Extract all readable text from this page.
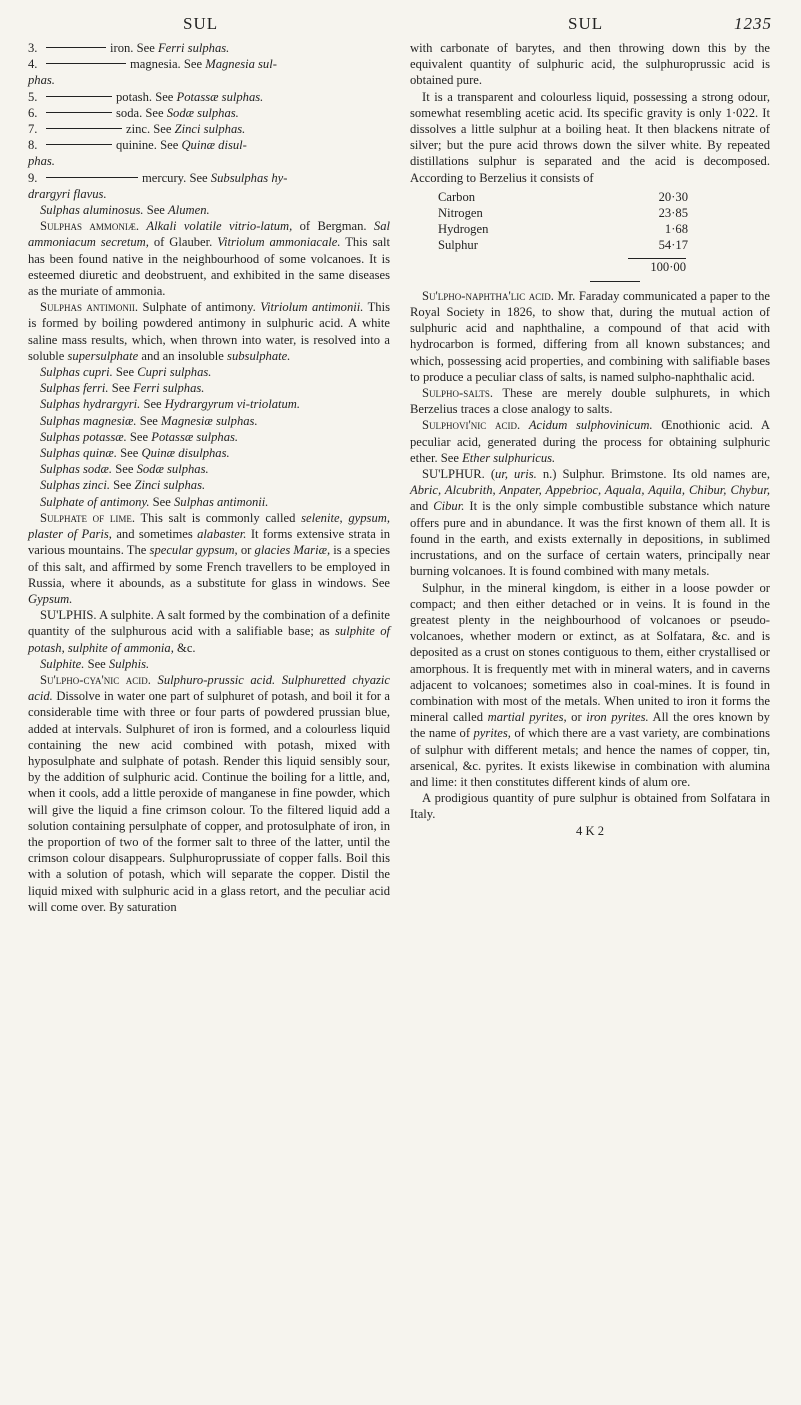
SUL	SUL	1235

3.	iron. See Ferri sulphas.

4.	magnesia. See Magnesia sul-
phas.

5.	potash. See Potassæ sulphas.

6.	soda. See Sodæ sulphas.

7.	zinc. See Zinci sulphas.

8.	quinine. See Quinæ disul-
phas.

9.	mercury. See Subsulphas hy-
drargyri flavus.

Sulphas aluminosus. See Alumen.

Sulphas ammoniæ. Alkali volatile vitrio-latum, of Bergman. Sal ammoniacum secretum, of Glauber. Vitriolum ammoniacale. This salt has been found native in the neighbourhood of some volcanoes. It is esteemed diuretic and deobstruent, and exhibited in the same diseases as the muriate of ammonia.

Sulphas antimonii. Sulphate of antimony. Vitriolum antimonii. This is formed by boiling powdered antimony in sulphuric acid. A white saline mass results, which, when thrown into water, is resolved into a soluble supersulphate and an insoluble subsulphate.

Sulphas cupri. See Cupri sulphas.

Sulphas ferri. See Ferri sulphas.

Sulphas hydrargyri. See Hydrargyrum vi-triolatum.

Sulphas magnesiæ. See Magnesiæ sulphas.

Sulphas potassæ. See Potassæ sulphas.

Sulphas quinæ. See Quinæ disulphas.

Sulphas sodæ. See Sodæ sulphas.

Sulphas zinci. See Zinci sulphas.

Sulphate of antimony. See Sulphas antimonii.

Sulphate of lime. This salt is commonly called selenite, gypsum, plaster of Paris, and sometimes alabaster. It forms extensive strata in various mountains. The specular gypsum, or glacies Mariæ, is a species of this salt, and affirmed by some French travellers to be employed in Russia, where it abounds, as a substitute for glass in windows. See Gypsum.

SU'LPHIS. A sulphite. A salt formed by the combination of a definite quantity of the sulphurous acid with a salifiable base; as sulphite of potash, sulphite of ammonia, &c.

Sulphite. See Sulphis.

Su'lpho-cya'nic acid. Sulphuro-prussic acid. Sulphuretted chyazic acid. Dissolve in water one part of sulphuret of potash, and boil it for a considerable time with three or four parts of powdered prussian blue, added at intervals. Sulphuret of iron is formed, and a colourless liquid containing the new acid combined with potash, mixed with hyposulphate and sulphate of potash. Render this liquid sensibly sour, by the addition of sulphuric acid. Continue the boiling for a little, and, when it cools, add a little peroxide of manganese in fine powder, which will give the liquid a fine crimson colour. To the filtered liquid add a solution containing persulphate of copper, and protosulphate of iron, in the proportion of two of the former salt to three of the latter, until the crimson colour disappears. Sulphuroprussiate of copper falls. Boil this with a solution of potash, which will separate the copper. Distil the liquid mixed with sulphuric acid in a glass retort, and the peculiar acid will come over. By saturation

with carbonate of barytes, and then throwing down this by the equivalent quantity of sulphuric acid, the sulphuroprussic acid is obtained pure.

It is a transparent and colourless liquid, possessing a strong odour, somewhat resembling acetic acid. Its specific gravity is only 1·022. It dissolves a little sulphur at a boiling heat. It then blackens nitrate of silver; but the pure acid throws down the silver white. By repeated distillations sulphur is separated and the acid is decomposed. According to Berzelius it consists of

Carbon	20·30
Nitrogen	23·85
Hydrogen	1·68
Sulphur	54·17
100·00

Su'lpho-naphtha'lic acid. Mr. Faraday communicated a paper to the Royal Society in 1826, to show that, during the mutual action of sulphuric acid and naphthaline, a compound of that acid with hydrocarbon is formed, differing from all known substances; and which, possessing acid properties, and combining with salifiable bases to produce a peculiar class of salts, is named sulpho-naphthalic acid.

Sulpho-salts. These are merely double sulphurets, in which Berzelius traces a close analogy to salts.

Sulphovi'nic acid. Acidum sulphovinicum. Œnothionic acid. A peculiar acid, generated during the process for obtaining sulphuric ether. See Ether sulphuricus.

SU'LPHUR. (ur, uris. n.) Sulphur. Brimstone. Its old names are, Abric, Alcubrith, Anpater, Appebrioc, Aquala, Aquila, Chibur, Chybur, and Cibur. It is the only simple combustible substance which nature offers pure and in abundance. It was the first known of them all. It is found in the earth, and exists externally in depositions, in sublimed incrustations, and on the surface of certain waters, principally near burning volcanoes. It is found combined with many metals.

Sulphur, in the mineral kingdom, is either in a loose powder or compact; and then either detached or in veins. It is found in the greatest plenty in the neighbourhood of volcanoes or pseudo-volcanoes, whether modern or extinct, as at Solfatara, &c. and is deposited as a crust on stones contiguous to them, either crystallised or amorphous. It is frequently met with in mineral waters, and in caverns adjacent to volcanoes; sometimes also in coal-mines. It is found in combination with most of the metals. When united to iron it forms the mineral called martial pyrites, or iron pyrites. All the ores known by the name of pyrites, of which there are a vast variety, are combinations of sulphur with different metals; and hence the names of copper, tin, arsenical, &c. pyrites. It exists likewise in combination with alumina and lime: it then constitutes different kinds of alum ore.

A prodigious quantity of pure sulphur is obtained from Solfatara in Italy.

4 K 2
